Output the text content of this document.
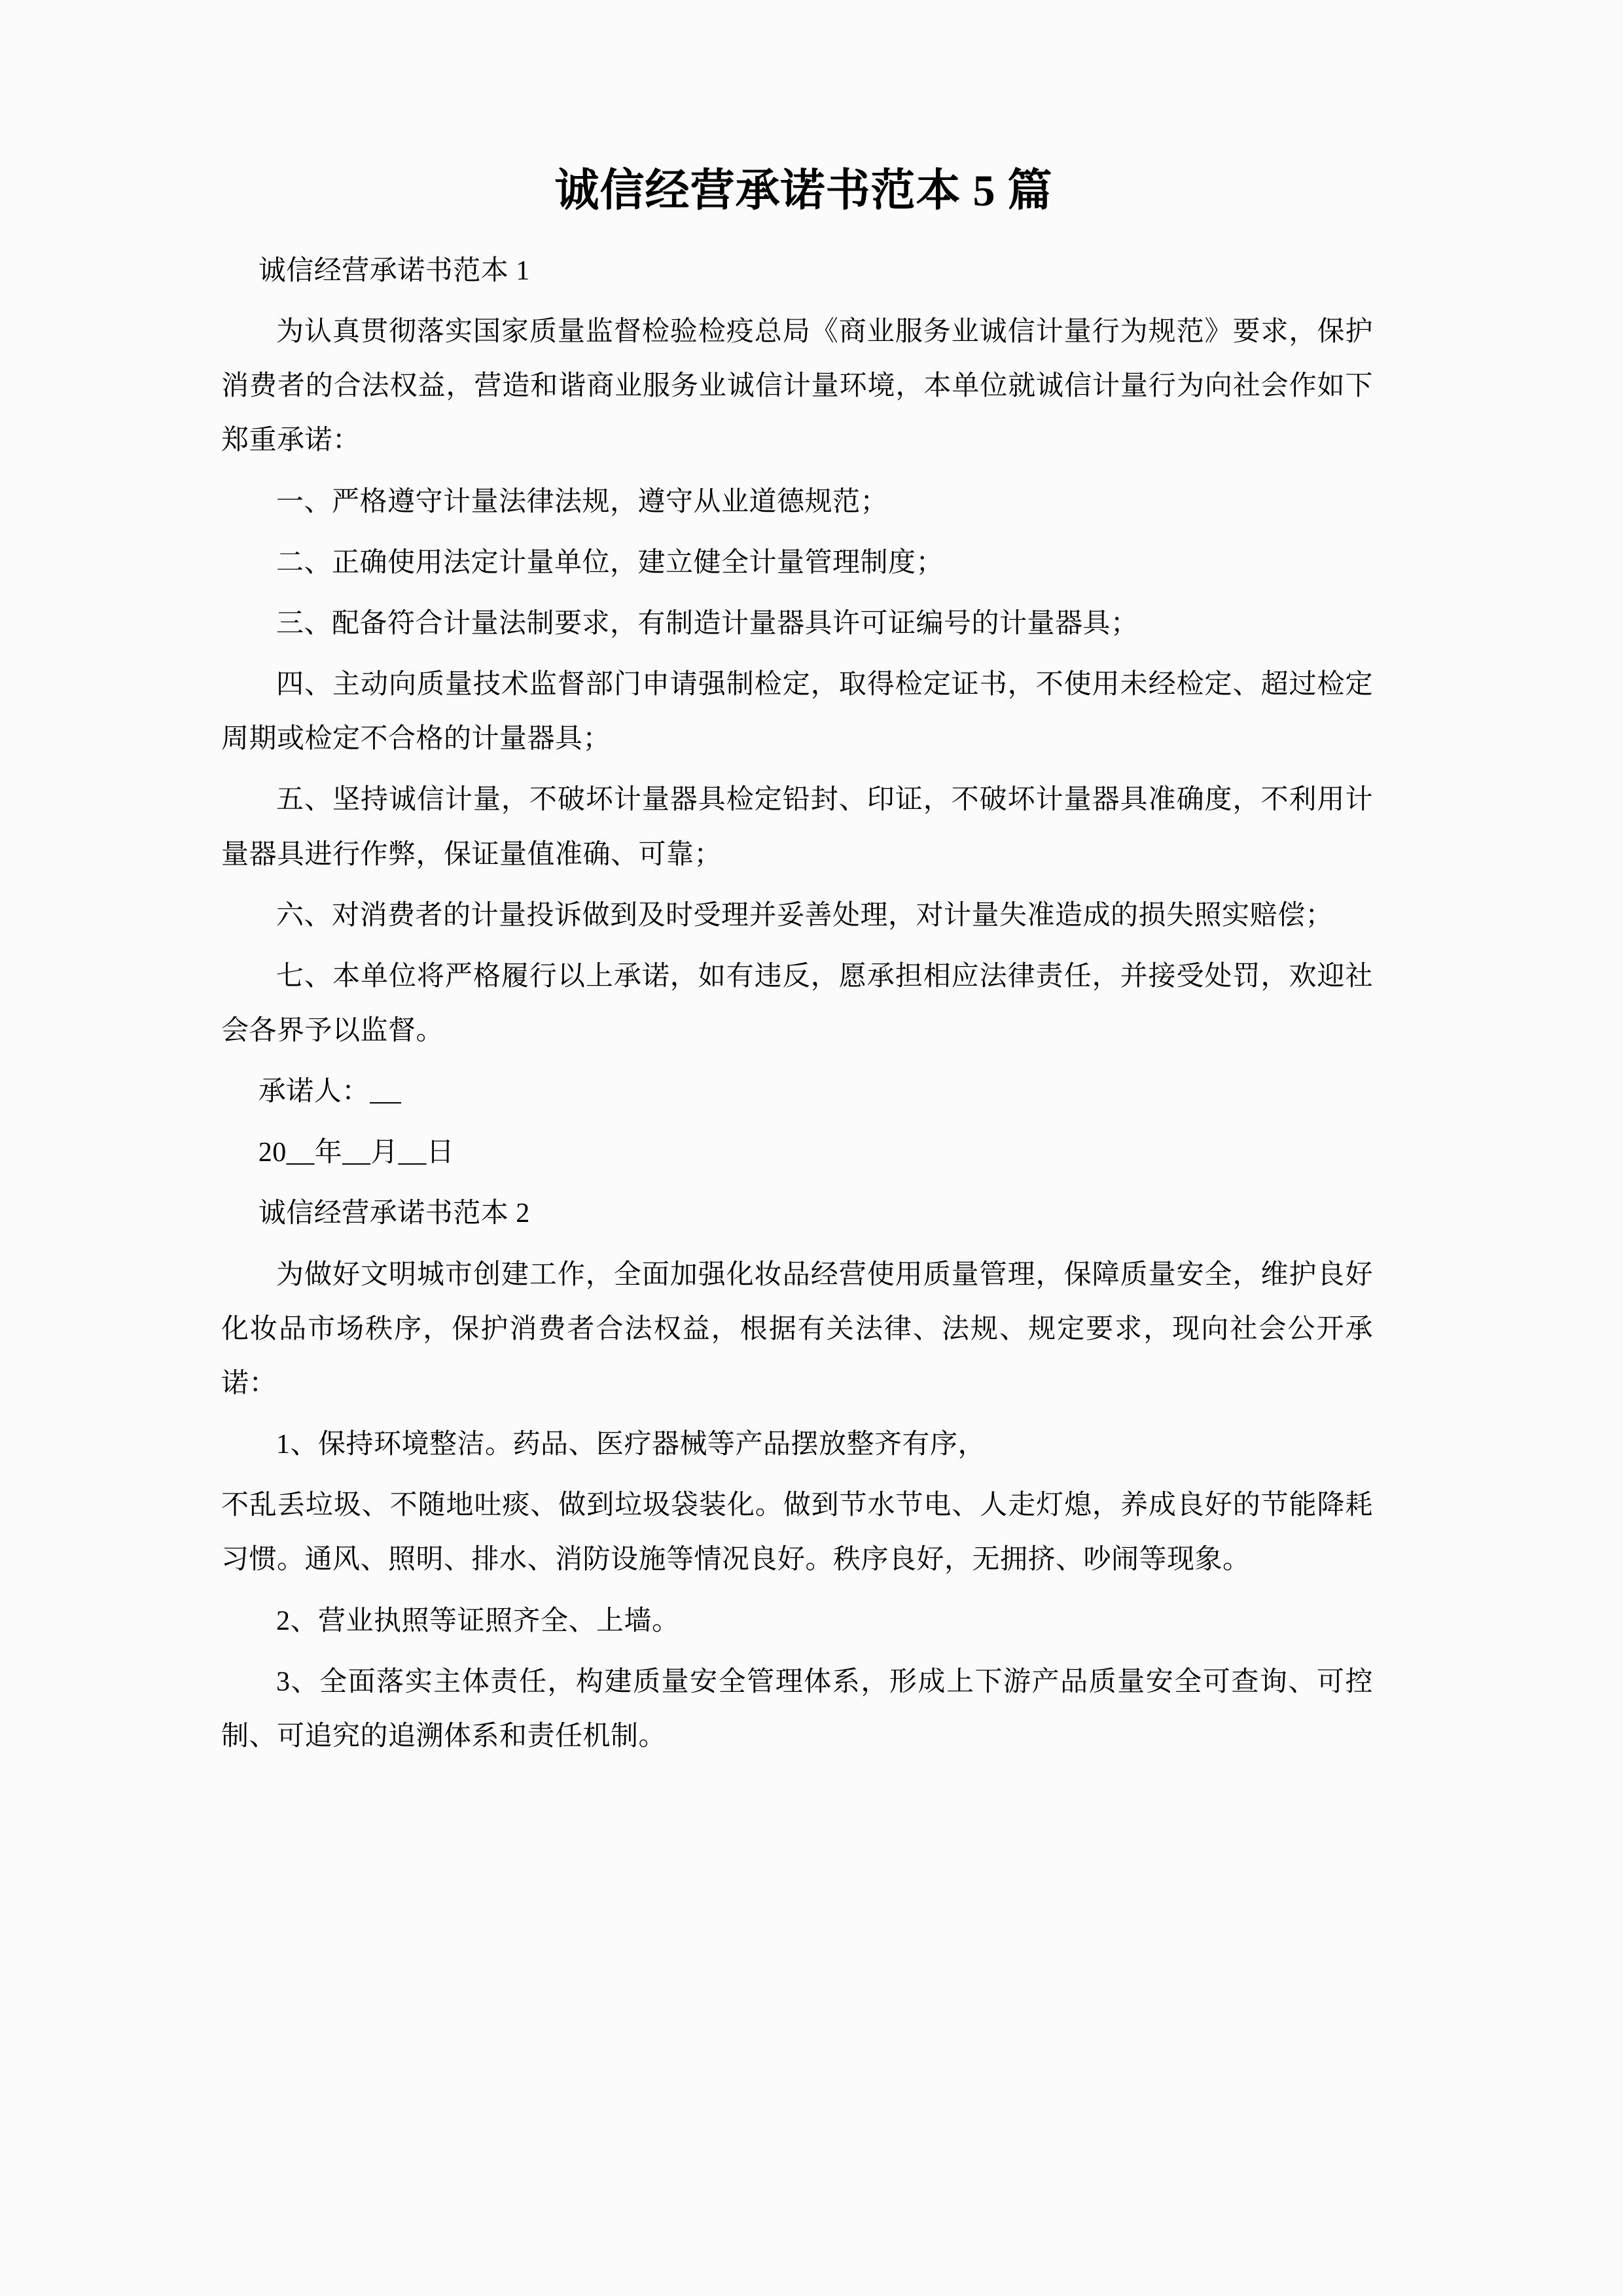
诚信经营承诺书范本 5 篇

诚信经营承诺书范本 1

为认真贯彻落实国家质量监督检验检疫总局《商业服务业诚信计量行为规范》要求，保护消费者的合法权益，营造和谐商业服务业诚信计量环境，本单位就诚信计量行为向社会作如下郑重承诺：

一、严格遵守计量法律法规，遵守从业道德规范；

二、正确使用法定计量单位，建立健全计量管理制度；

三、配备符合计量法制要求，有制造计量器具许可证编号的计量器具；

四、主动向质量技术监督部门申请强制检定，取得检定证书，不使用未经检定、超过检定周期或检定不合格的计量器具；

五、坚持诚信计量，不破坏计量器具检定铅封、印证，不破坏计量器具准确度，不利用计量器具进行作弊，保证量值准确、可靠；

六、对消费者的计量投诉做到及时受理并妥善处理，对计量失准造成的损失照实赔偿；

七、本单位将严格履行以上承诺，如有违反，愿承担相应法律责任，并接受处罚，欢迎社会各界予以监督。

承诺人：

20__年__月__日

诚信经营承诺书范本 2

为做好文明城市创建工作，全面加强化妆品经营使用质量管理，保障质量安全，维护良好化妆品市场秩序，保护消费者合法权益，根据有关法律、法规、规定要求，现向社会公开承诺：

1、保持环境整洁。药品、医疗器械等产品摆放整齐有序，

不乱丢垃圾、不随地吐痰、做到垃圾袋装化。做到节水节电、人走灯熄，养成良好的节能降耗习惯。通风、照明、排水、消防设施等情况良好。秩序良好，无拥挤、吵闹等现象。

2、营业执照等证照齐全、上墙。

3、全面落实主体责任，构建质量安全管理体系，形成上下游产品质量安全可查询、可控制、可追究的追溯体系和责任机制。
